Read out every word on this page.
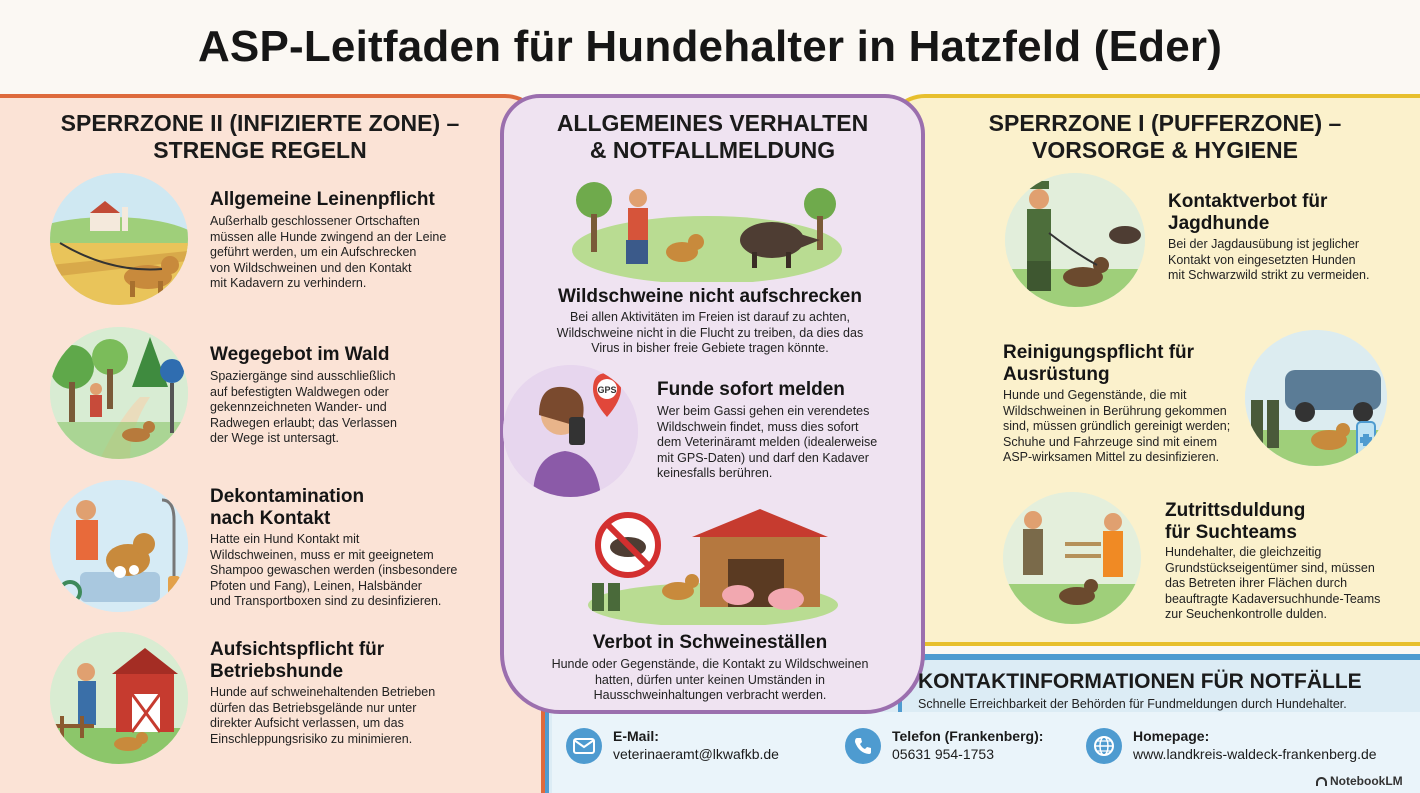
ASP-Leitfaden für Hundehalter in Hatzfeld (Eder)
SPERRZONE II (INFIZIERTE ZONE) –
STRENGE REGELN
Allgemeine Leinenpflicht
Außerhalb geschlossener Ortschaften
müssen alle Hunde zwingend an der Leine
geführt werden, um ein Aufschrecken
von Wildschweinen und den Kontakt
mit Kadavern zu verhindern.
Wegegebot im Wald
Spaziergänge sind ausschließlich
auf befestigten Waldwegen oder
gekennzeichneten Wander- und
Radwegen erlaubt; das Verlassen
der Wege ist untersagt.
Dekontamination
nach Kontakt
Hatte ein Hund Kontakt mit
Wildschweinen, muss er mit geeignetem
Shampoo gewaschen werden (insbesondere
Pfoten und Fang), Leinen, Halsbänder
und Transportboxen sind zu desinfizieren.
Aufsichtspflicht für
Betriebshunde
Hunde auf schweinehaltenden Betrieben
dürfen das Betriebsgelände nur unter
direkter Aufsicht verlassen, um das
Einschleppungsrisiko zu minimieren.
ALLGEMEINES VERHALTEN
& NOTFALLMELDUNG
Wildschweine nicht aufschrecken
Bei allen Aktivitäten im Freien ist darauf zu achten,
Wildschweine nicht in die Flucht zu treiben, da dies das
Virus in bisher freie Gebiete tragen könnte.
GPS Funde sofort melden
Wer beim Gassi gehen ein verendetes
Wildschwein findet, muss dies sofort
dem Veterinäramt melden (idealerweise
mit GPS-Daten) und darf den Kadaver
keinesfalls berühren.
Verbot in Schweineställen
Hunde oder Gegenstände, die Kontakt zu Wildschweinen
hatten, dürfen unter keinen Umständen in
Hausschweinhaltungen verbracht werden.
SPERRZONE I (PUFFERZONE) –
VORSORGE & HYGIENE
Kontaktverbot für
Jagdhunde
Bei der Jagdausübung ist jeglicher
Kontakt von eingesetzten Hunden
mit Schwarzwild strikt zu vermeiden.
Reinigungspflicht für
Ausrüstung
Hunde und Gegenstände, die mit
Wildschweinen in Berührung gekommen
sind, müssen gründlich gereinigt werden;
Schuhe und Fahrzeuge sind mit einem
ASP-wirksamen Mittel zu desinfizieren.
Zutrittsduldung
für Suchteams
Hundehalter, die gleichzeitig
Grundstückseigentümer sind, müssen
das Betreten ihrer Flächen durch
beauftragte Kadaversuchhunde-Teams
zur Seuchenkontrolle dulden.
KONTAKTINFORMATIONEN FÜR NOTFÄLLE
Schnelle Erreichbarkeit der Behörden für Fundmeldungen durch Hundehalter.
E-Mail:
veterinaeramt@lkwafkb.de
Telefon (Frankenberg):
05631 954-1753
Homepage:
www.landkreis-waldeck-frankenberg.de
NotebookLM
